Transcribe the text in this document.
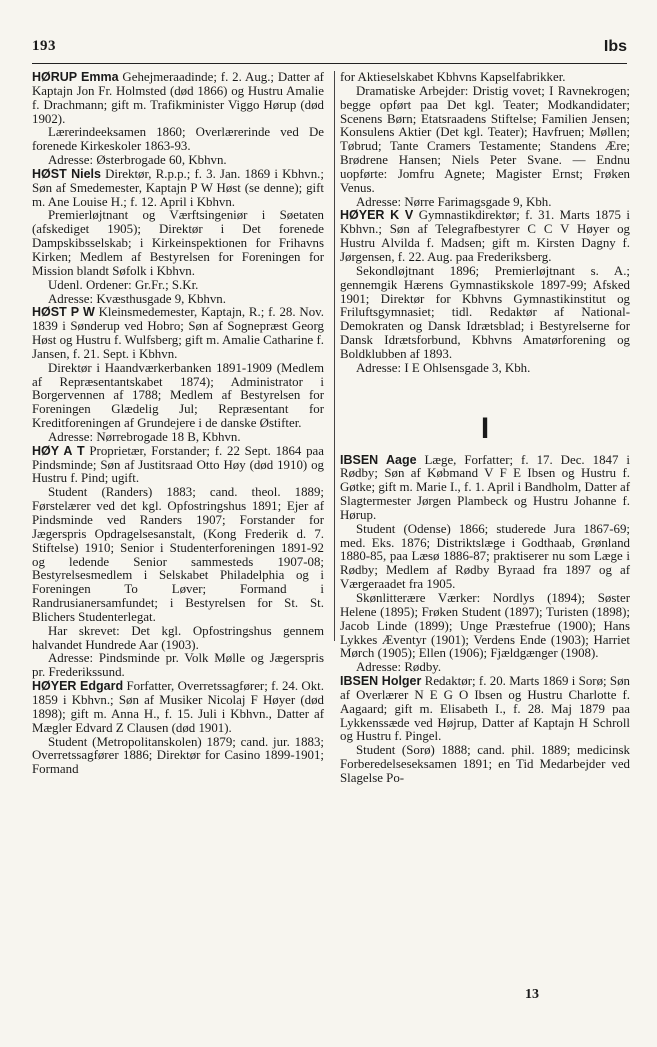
193	Ibs

HØRUP Emma Gehejmeraadinde; f. 2. Aug.; Datter af Kaptajn Jon Fr. Holmsted (død 1866) og Hustru Amalie f. Drachmann; gift m. Trafikminister Viggo Hørup (død 1902).

Lærerindeeksamen 1860; Overlærerinde ved De forenede Kirkeskoler 1863-93.

Adresse: Østerbrogade 60, Kbhvn.

HØST Niels Direktør, R.p.p.; f. 3. Jan. 1869 i Kbhvn.; Søn af Smedemester, Kaptajn P W Høst (se denne); gift m. Ane Louise H.; f. 12. April i Kbhvn.

Premierløjtnant og Værftsingeniør i Søetaten (afskediget 1905); Direktør i Det forenede Dampskibsselskab; i Kirkeinspektionen for Frihavns Kirken; Medlem af Bestyrelsen for Foreningen for Mission blandt Søfolk i Kbhvn.

Udenl. Ordener: Gr.Fr.; S.Kr.

Adresse: Kvæsthusgade 9, Kbhvn.

HØST P W Kleinsmedemester, Kaptajn, R.; f. 28. Nov. 1839 i Sønderup ved Hobro; Søn af Sognepræst Georg Høst og Hustru f. Wulfsberg; gift m. Amalie Catharine f. Jansen, f. 21. Sept. i Kbhvn.

Direktør i Haandværkerbanken 1891-1909 (Medlem af Repræsentantskabet 1874); Administrator i Borgervennen af 1788; Medlem af Bestyrelsen for Foreningen Glædelig Jul; Repræsentant for Kreditforeningen af Grundejere i de danske Østifter.

Adresse: Nørrebrogade 18 B, Kbhvn.

HØY A T Proprietær, Forstander; f. 22 Sept. 1864 paa Pindsminde; Søn af Justitsraad Otto Høy (død 1910) og Hustru f. Pind; ugift.

Student (Randers) 1883; cand. theol. 1889; Førstelærer ved det kgl. Opfostringshus 1891; Ejer af Pindsminde ved Randers 1907; Forstander for Jægerspris Opdragelsesanstalt, (Kong Frederik d. 7. Stiftelse) 1910; Senior i Studenterforeningen 1891-92 og ledende Senior sammesteds 1907-08; Bestyrelsesmedlem i Selskabet Philadelphia og i Foreningen To Løver; Formand i Randrusianersamfundet; i Bestyrelsen for St. St. Blichers Studenterlegat.

Har skrevet: Det kgl. Opfostringshus gennem halvandet Hundrede Aar (1903).

Adresse: Pindsminde pr. Volk Mølle og Jægerspris pr. Frederikssund.

HØYER Edgard Forfatter, Overretssagfører; f. 24. Okt. 1859 i Kbhvn.; Søn af Musiker Nicolaj F Høyer (død 1898); gift m. Anna H., f. 15. Juli i Kbhvn., Datter af Mægler Edvard Z Clausen (død 1901).

Student (Metropolitanskolen) 1879; cand. jur. 1883; Overretssagfører 1886; Direktør for Casino 1899-1901; Formand

for Aktieselskabet Kbhvns Kapselfabrikker.

Dramatiske Arbejder: Dristig vovet; I Ravnekrogen; begge opført paa Det kgl. Teater; Modkandidater; Scenens Børn; Etatsraadens Stiftelse; Familien Jensen; Konsulens Aktier (Det kgl. Teater); Havfruen; Møllen; Tøbrud; Tante Cramers Testamente; Standens Ære; Brødrene Hansen; Niels Peter Svane. — Endnu uopførte: Jomfru Agnete; Magister Ernst; Frøken Venus.

Adresse: Nørre Farimagsgade 9, Kbh.

HØYER K V Gymnastikdirektør; f. 31. Marts 1875 i Kbhvn.; Søn af Telegrafbestyrer C C V Høyer og Hustru Alvilda f. Madsen; gift m. Kirsten Dagny f. Jørgensen, f. 22. Aug. paa Frederiksberg.

Sekondløjtnant 1896; Premierløjtnant s. A.; gennemgik Hærens Gymnastikskole 1897-99; Afsked 1901; Direktør for Kbhvns Gymnastikinstitut og Friluftsgymnasiet; tidl. Redaktør af National-Demokraten og Dansk Idrætsblad; i Bestyrelserne for Dansk Idrætsforbund, Kbhvns Amatørforening og Boldklubben af 1893.

Adresse: I E Ohlsensgade 3, Kbh.

I

IBSEN Aage Læge, Forfatter; f. 17. Dec. 1847 i Rødby; Søn af Købmand V F E Ibsen og Hustru f. Gøtke; gift m. Marie I., f. 1. April i Bandholm, Datter af Slagtermester Jørgen Plambeck og Hustru Johanne f. Hørup.

Student (Odense) 1866; studerede Jura 1867-69; med. Eks. 1876; Distriktslæge i Godthaab, Grønland 1880-85, paa Læsø 1886-87; praktiserer nu som Læge i Rødby; Medlem af Rødby Byraad fra 1897 og af Værgeraadet fra 1905.

Skønlitterære Værker: Nordlys (1894); Søster Helene (1895); Frøken Student (1897); Turisten (1898); Jacob Linde (1899); Unge Præstefrue (1900); Hans Lykkes Æventyr (1901); Verdens Ende (1903); Harriet Mørch (1905); Ellen (1906); Fjældgænger (1908).

Adresse: Rødby.

IBSEN Holger Redaktør; f. 20. Marts 1869 i Sorø; Søn af Overlærer N E G O Ibsen og Hustru Charlotte f. Aagaard; gift m. Elisabeth I., f. 28. Maj 1879 paa Lykkenssæde ved Højrup, Datter af Kaptajn H Schroll og Hustru f. Pingel.

Student (Sorø) 1888; cand. phil. 1889; medicinsk Forberedelseseksamen 1891; en Tid Medarbejder ved Slagelse Po-

13
